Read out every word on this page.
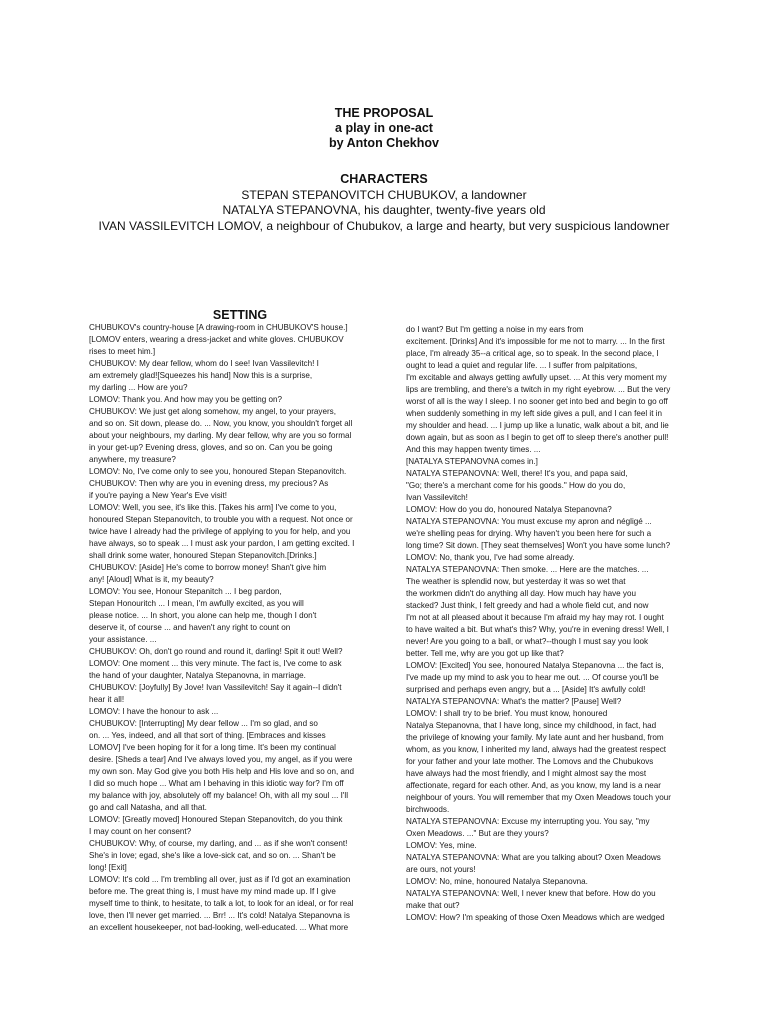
THE PROPOSAL
a play in one-act
by Anton Chekhov
CHARACTERS
STEPAN STEPANOVITCH CHUBUKOV, a landowner
NATALYA STEPANOVNA, his daughter, twenty-five years old
IVAN VASSILEVITCH LOMOV, a neighbour of Chubukov, a large and hearty, but very suspicious landowner
SETTING
CHUBUKOV's country-house [A drawing-room in CHUBUKOV'S house.]
[LOMOV enters, wearing a dress-jacket and white gloves. CHUBUKOV
rises to meet him.]
CHUBUKOV: My dear fellow, whom do I see! Ivan Vassilevitch! I
am extremely glad![Squeezes his hand] Now this is a surprise,
my darling ... How are you?
LOMOV: Thank you. And how may you be getting on?
CHUBUKOV: We just get along somehow, my angel, to your prayers,
and so on. Sit down, please do. ... Now, you know, you shouldn't forget all
about your neighbours, my darling. My dear fellow, why are you so formal
in your get-up? Evening dress, gloves, and so on. Can you be going
anywhere, my treasure?
LOMOV: No, I've come only to see you, honoured Stepan Stepanovitch.
CHUBUKOV: Then why are you in evening dress, my precious? As
if you're paying a New Year's Eve visit!
LOMOV: Well, you see, it's like this. [Takes his arm] I've come to you,
honoured Stepan Stepanovitch, to trouble you with a request. Not once or
twice have I already had the privilege of applying to you for help, and you
have always, so to speak ... I must ask your pardon, I am getting excited. I
shall drink some water, honoured Stepan Stepanovitch.[Drinks.]
CHUBUKOV: [Aside] He's come to borrow money! Shan't give him
any! [Aloud] What is it, my beauty?
LOMOV: You see, Honour Stepanitch ... I beg pardon,
Stepan Honouritch ... I mean, I'm awfully excited, as you will
please notice. ... In short, you alone can help me, though I don't
deserve it, of course ... and haven't any right to count on
your assistance. ...
CHUBUKOV: Oh, don't go round and round it, darling! Spit it out! Well?
LOMOV: One moment ... this very minute. The fact is, I've come to ask
the hand of your daughter, Natalya Stepanovna, in marriage.
CHUBUKOV: [Joyfully] By Jove! Ivan Vassilevitch! Say it again--I didn't
hear it all!
LOMOV: I have the honour to ask ...
CHUBUKOV: [Interrupting] My dear fellow ... I'm so glad, and so
on. ... Yes, indeed, and all that sort of thing. [Embraces and kisses
LOMOV] I've been hoping for it for a long time. It's been my continual
desire. [Sheds a tear] And I've always loved you, my angel, as if you were
my own son. May God give you both His help and His love and so on, and
I did so much hope ... What am I behaving in this idiotic way for? I'm off
my balance with joy, absolutely off my balance! Oh, with all my soul ... I'll
go and call Natasha, and all that.
LOMOV: [Greatly moved] Honoured Stepan Stepanovitch, do you think
I may count on her consent?
CHUBUKOV: Why, of course, my darling, and ... as if she won't consent!
She's in love; egad, she's like a love-sick cat, and so on. ... Shan't be
long! [Exit]
LOMOV: It's cold ... I'm trembling all over, just as if I'd got an examination
before me. The great thing is, I must have my mind made up. If I give
myself time to think, to hesitate, to talk a lot, to look for an ideal, or for real
love, then I'll never get married. ... Brr! ... It's cold! Natalya Stepanovna is
an excellent housekeeper, not bad-looking, well-educated. ... What more
do I want? But I'm getting a noise in my ears from
excitement. [Drinks] And it's impossible for me not to marry. ... In the first
place, I'm already 35--a critical age, so to speak. In the second place, I
ought to lead a quiet and regular life. ... I suffer from palpitations,
I'm excitable and always getting awfully upset. ... At this very moment my
lips are trembling, and there's a twitch in my right eyebrow. ... But the very
worst of all is the way I sleep. I no sooner get into bed and begin to go off
when suddenly something in my left side gives a pull, and I can feel it in
my shoulder and head. ... I jump up like a lunatic, walk about a bit, and lie
down again, but as soon as I begin to get off to sleep there's another pull!
And this may happen twenty times. ...
[NATALYA STEPANOVNA comes in.]
NATALYA STEPANOVNA: Well, there! It's you, and papa said,
"Go; there's a merchant come for his goods." How do you do,
Ivan Vassilevitch!
LOMOV: How do you do, honoured Natalya Stepanovna?
NATALYA STEPANOVNA: You must excuse my apron and négligé ...
we're shelling peas for drying. Why haven't you been here for such a
long time? Sit down. [They seat themselves] Won't you have some lunch?
LOMOV: No, thank you, I've had some already.
NATALYA STEPANOVNA: Then smoke. ... Here are the matches. ...
The weather is splendid now, but yesterday it was so wet that
the workmen didn't do anything all day. How much hay have you
stacked? Just think, I felt greedy and had a whole field cut, and now
I'm not at all pleased about it because I'm afraid my hay may rot. I ought
to have waited a bit. But what's this? Why, you're in evening dress! Well, I
never! Are you going to a ball, or what?--though I must say you look
better. Tell me, why are you got up like that?
LOMOV: [Excited] You see, honoured Natalya Stepanovna ... the fact is,
I've made up my mind to ask you to hear me out. ... Of course you'll be
surprised and perhaps even angry, but a ... [Aside] It's awfully cold!
NATALYA STEPANOVNA: What's the matter? [Pause] Well?
LOMOV: I shall try to be brief. You must know, honoured
Natalya Stepanovna, that I have long, since my childhood, in fact, had
the privilege of knowing your family. My late aunt and her husband, from
whom, as you know, I inherited my land, always had the greatest respect
for your father and your late mother. The Lomovs and the Chubukovs
have always had the most friendly, and I might almost say the most
affectionate, regard for each other. And, as you know, my land is a near
neighbour of yours. You will remember that my Oxen Meadows touch your
birchwoods.
NATALYA STEPANOVNA: Excuse my interrupting you. You say, "my
Oxen Meadows. ..." But are they yours?
LOMOV: Yes, mine.
NATALYA STEPANOVNA: What are you talking about? Oxen Meadows
are ours, not yours!
LOMOV: No, mine, honoured Natalya Stepanovna.
NATALYA STEPANOVNA: Well, I never knew that before. How do you
make that out?
LOMOV: How? I'm speaking of those Oxen Meadows which are wedged
